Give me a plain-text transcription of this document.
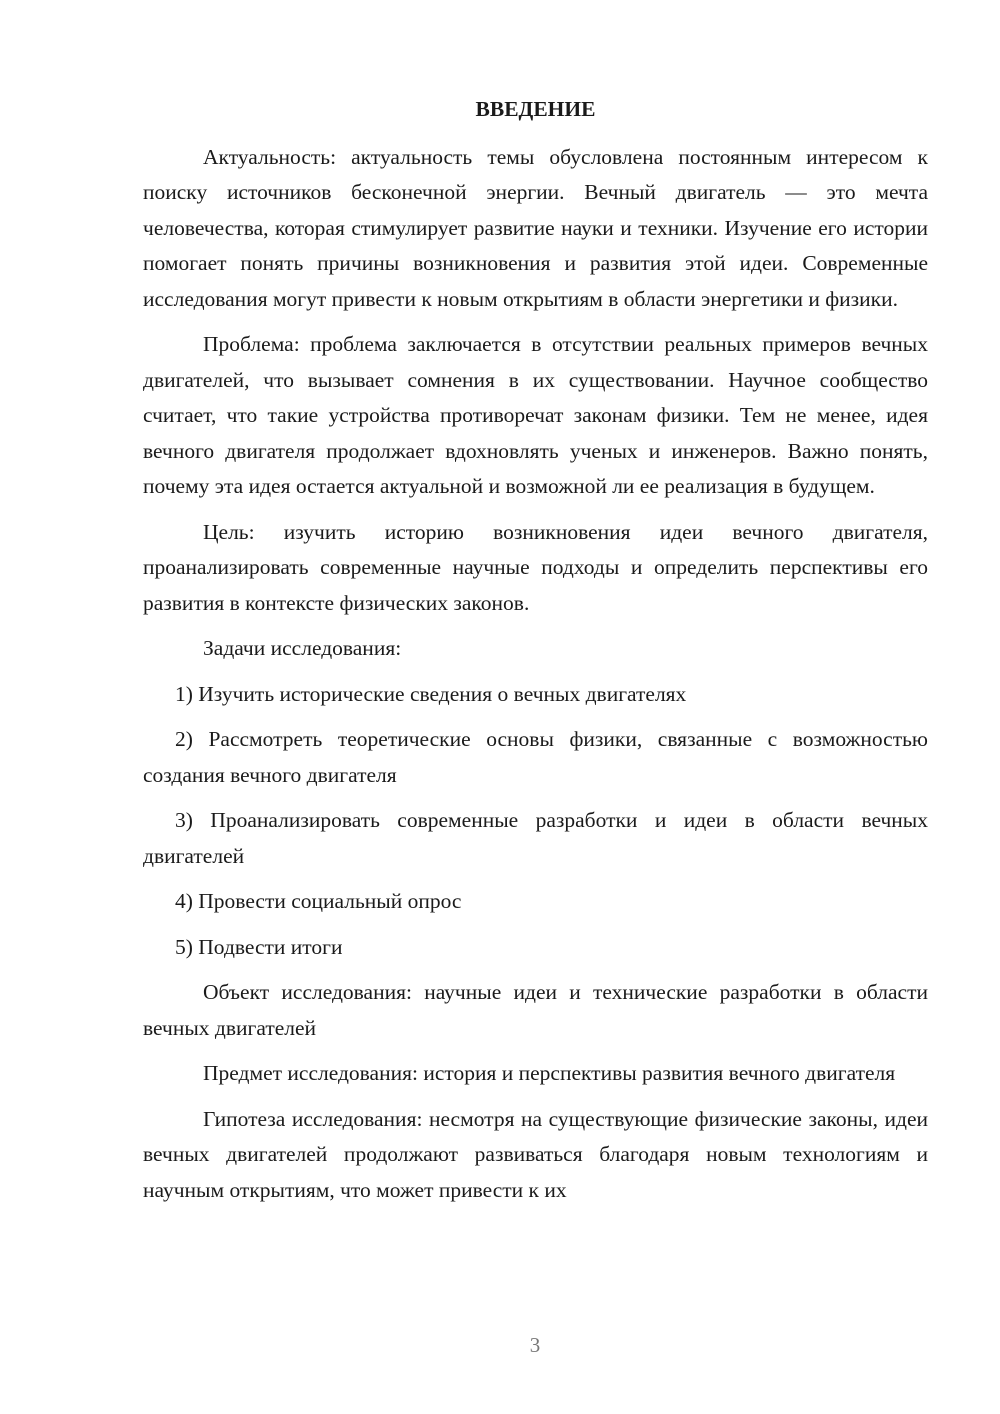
ВВЕДЕНИЕ

Актуальность: актуальность темы обусловлена постоянным интересом к поиску источников бесконечной энергии. Вечный двигатель — это мечта человечества, которая стимулирует развитие науки и техники. Изучение его истории помогает понять причины возникновения и развития этой идеи. Современные исследования могут привести к новым открытиям в области энергетики и физики.

Проблема: проблема заключается в отсутствии реальных примеров вечных двигателей, что вызывает сомнения в их существовании. Научное сообщество считает, что такие устройства противоречат законам физики. Тем не менее, идея вечного двигателя продолжает вдохновлять ученых и инженеров. Важно понять, почему эта идея остается актуальной и возможной ли ее реализация в будущем.

Цель: изучить историю возникновения идеи вечного двигателя, проанализировать современные научные подходы и определить перспективы его развития в контексте физических законов.

Задачи исследования:

1) Изучить исторические сведения о вечных двигателях

2) Рассмотреть теоретические основы физики, связанные с возможностью создания вечного двигателя

3) Проанализировать современные разработки и идеи в области вечных двигателей

4) Провести социальный опрос

5) Подвести итоги

Объект исследования: научные идеи и технические разработки в области вечных двигателей

Предмет исследования: история и перспективы развития вечного двигателя

Гипотеза исследования: несмотря на существующие физические законы, идеи вечных двигателей продолжают развиваться благодаря новым технологиям и научным открытиям, что может привести к их

3
